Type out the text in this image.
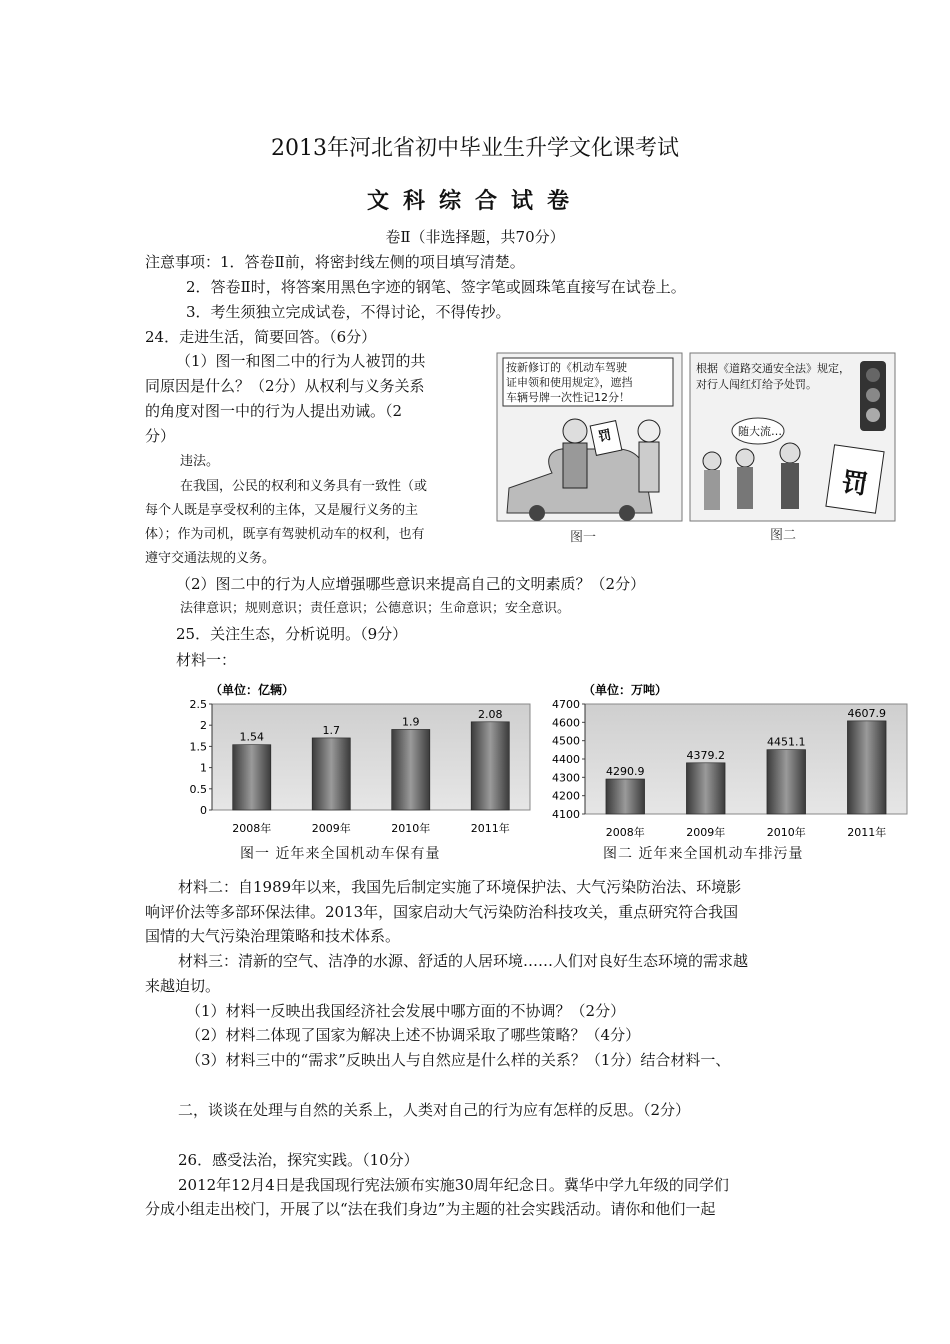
2013年河北省初中毕业生升学文化课考试
文科综合试卷
卷Ⅱ（非选择题，共70分）
注意事项：1．答卷Ⅱ前，将密封线左侧的项目填写清楚。
2．答卷Ⅱ时，将答案用黑色字迹的钢笔、签字笔或圆珠笔直接写在试卷上。
3．考生须独立完成试卷，不得讨论，不得传抄。
24．走进生活，简要回答。（6分）
（1）图一和图二中的行为人被罚的共
同原因是什么？（2分）从权利与义务关系
的角度对图一中的行为人提出劝诫。（2
分）
违法。
在我国，公民的权利和义务具有一致性（或
每个人既是享受权利的主体，又是履行义务的主
体）；作为司机，既享有驾驶机动车的权利，也有
遵守交通法规的义务。
（2）图二中的行为人应增强哪些意识来提高自己的文明素质？（2分）
法律意识；规则意识；责任意识；公德意识；生命意识；安全意识。
按新修订的《机动车驾驶
证申领和使用规定》，遮挡
车辆号牌一次性记12分！
罚
图一
根据《道路交通安全法》规定，
对行人闯红灯给予处罚。
随大流…
罚
图二
25．关注生态，分析说明。（9分）
材料一：
（单位：亿辆）
0
0.5
1
1.5
2
2.5
1.54
2008年
1.7
2009年
1.9
2010年
2.08
2011年
图一 近年来全国机动车保有量
（单位：万吨）
4100
4200
4300
4400
4500
4600
4700
4290.9
2008年
4379.2
2009年
4451.1
2010年
4607.9
2011年
图二 近年来全国机动车排污量
材料二：自1989年以来，我国先后制定实施了环境保护法、大气污染防治法、环境影
响评价法等多部环保法律。2013年，国家启动大气污染防治科技攻关，重点研究符合我国
国情的大气污染治理策略和技术体系。
材料三：清新的空气、洁净的水源、舒适的人居环境……人们对良好生态环境的需求越
来越迫切。
（1）材料一反映出我国经济社会发展中哪方面的不协调？（2分）
（2）材料二体现了国家为解决上述不协调采取了哪些策略？（4分）
（3）材料三中的“需求”反映出人与自然应是什么样的关系？（1分）结合材料一、
二，谈谈在处理与自然的关系上，人类对自己的行为应有怎样的反思。（2分）
26．感受法治，探究实践。（10分）
2012年12月4日是我国现行宪法颁布实施30周年纪念日。冀华中学九年级的同学们
分成小组走出校门，开展了以“法在我们身边”为主题的社会实践活动。请你和他们一起
